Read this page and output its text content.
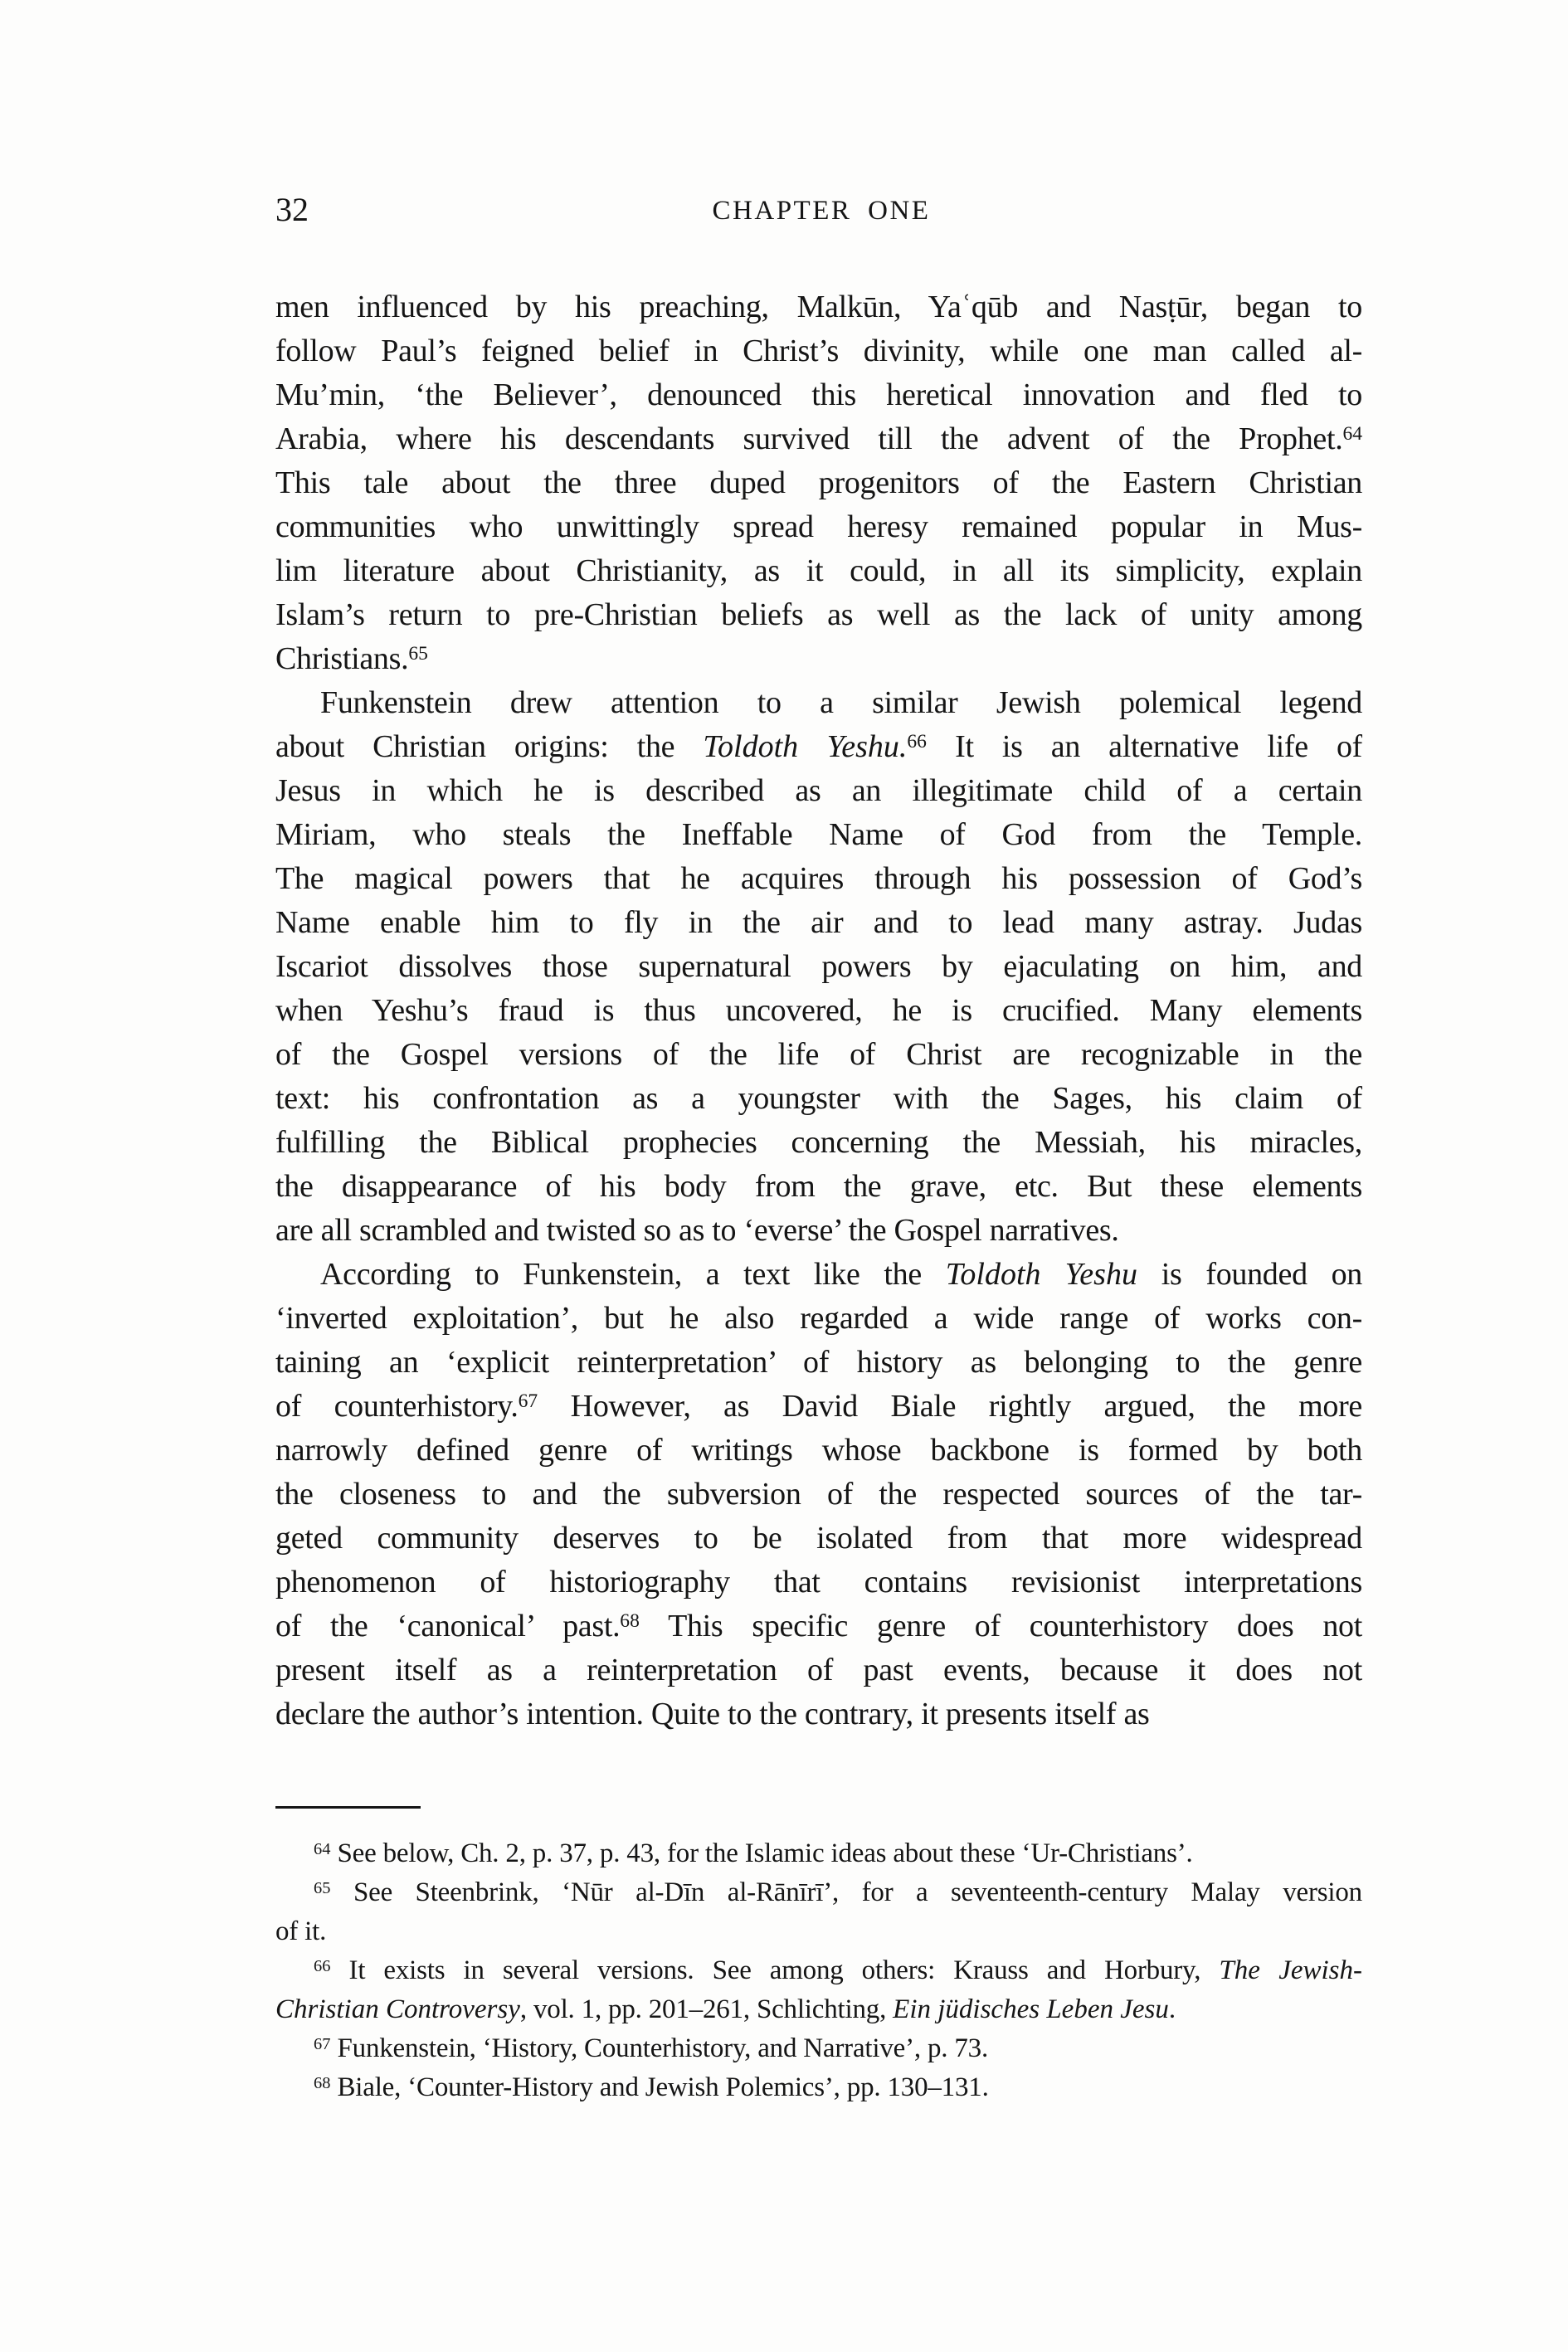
32	CHAPTER ONE
men influenced by his preaching, Malkūn, Yaʿqūb and Nasṭūr, began to
follow Paul’s feigned belief in Christ’s divinity, while one man called al-
Mu’min, ‘the Believer’, denounced this heretical innovation and fled to
Arabia, where his descendants survived till the advent of the Prophet.$^{64}$
This tale about the three duped progenitors of the Eastern Christian
communities who unwittingly spread heresy remained popular in Mus-
lim literature about Christianity, as it could, in all its simplicity, explain
Islam’s return to pre-Christian beliefs as well as the lack of unity among
Christians.$^{65}$
Funkenstein drew attention to a similar Jewish polemical legend
about Christian origins: the Toldoth Yeshu.$^{66}$ It is an alternative life of
Jesus in which he is described as an illegitimate child of a certain
Miriam, who steals the Ineffable Name of God from the Temple.
The magical powers that he acquires through his possession of God’s
Name enable him to fly in the air and to lead many astray. Judas
Iscariot dissolves those supernatural powers by ejaculating on him, and
when Yeshu’s fraud is thus uncovered, he is crucified. Many elements
of the Gospel versions of the life of Christ are recognizable in the
text: his confrontation as a youngster with the Sages, his claim of
fulfilling the Biblical prophecies concerning the Messiah, his miracles,
the disappearance of his body from the grave, etc. But these elements
are all scrambled and twisted so as to ‘everse’ the Gospel narratives.
According to Funkenstein, a text like the Toldoth Yeshu is founded on
‘inverted exploitation’, but he also regarded a wide range of works con-
taining an ‘explicit reinterpretation’ of history as belonging to the genre
of counterhistory.$^{67}$ However, as David Biale rightly argued, the more
narrowly defined genre of writings whose backbone is formed by both
the closeness to and the subversion of the respected sources of the tar-
geted community deserves to be isolated from that more widespread
phenomenon of historiography that contains revisionist interpretations
of the ‘canonical’ past.$^{68}$ This specific genre of counterhistory does not
present itself as a reinterpretation of past events, because it does not
declare the author’s intention. Quite to the contrary, it presents itself as
$^{64}$ See below, Ch. 2, p. 37, p. 43, for the Islamic ideas about these ‘Ur-Christians’.
$^{65}$ See Steenbrink, ‘Nūr al-Dīn al-Rānīrī’, for a seventeenth-century Malay version
of it.
$^{66}$ It exists in several versions. See among others: Krauss and Horbury, The Jewish-
Christian Controversy, vol. 1, pp. 201–261, Schlichting, Ein jüdisches Leben Jesu.
$^{67}$ Funkenstein, ‘History, Counterhistory, and Narrative’, p. 73.
$^{68}$ Biale, ‘Counter-History and Jewish Polemics’, pp. 130–131.
